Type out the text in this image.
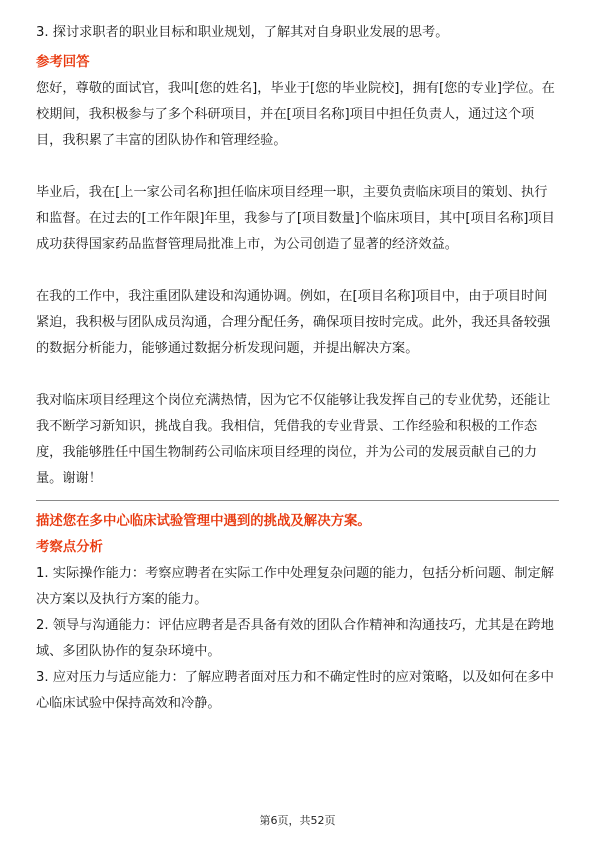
3. 探讨求职者的职业目标和职业规划，了解其对自身职业发展的思考。

参考回答

您好，尊敬的面试官，我叫[您的姓名]，毕业于[您的毕业院校]，拥有[您的专业]学位。在校期间，我积极参与了多个科研项目，并在[项目名称]项目中担任负责人，通过这个项目，我积累了丰富的团队协作和管理经验。

毕业后，我在[上一家公司名称]担任临床项目经理一职，主要负责临床项目的策划、执行和监督。在过去的[工作年限]年里，我参与了[项目数量]个临床项目，其中[项目名称]项目成功获得国家药品监督管理局批准上市，为公司创造了显著的经济效益。

在我的工作中，我注重团队建设和沟通协调。例如，在[项目名称]项目中，由于项目时间紧迫，我积极与团队成员沟通，合理分配任务，确保项目按时完成。此外，我还具备较强的数据分析能力，能够通过数据分析发现问题，并提出解决方案。

我对临床项目经理这个岗位充满热情，因为它不仅能够让我发挥自己的专业优势，还能让我不断学习新知识，挑战自我。我相信，凭借我的专业背景、工作经验和积极的工作态度，我能够胜任中国生物制药公司临床项目经理的岗位，并为公司的发展贡献自己的力量。谢谢！

描述您在多中心临床试验管理中遇到的挑战及解决方案。

考察点分析

1. 实际操作能力：考察应聘者在实际工作中处理复杂问题的能力，包括分析问题、制定解决方案以及执行方案的能力。

2. 领导与沟通能力：评估应聘者是否具备有效的团队合作精神和沟通技巧，尤其是在跨地域、多团队协作的复杂环境中。

3. 应对压力与适应能力：了解应聘者面对压力和不确定性时的应对策略，以及如何在多中心临床试验中保持高效和冷静。

第6页，共52页
